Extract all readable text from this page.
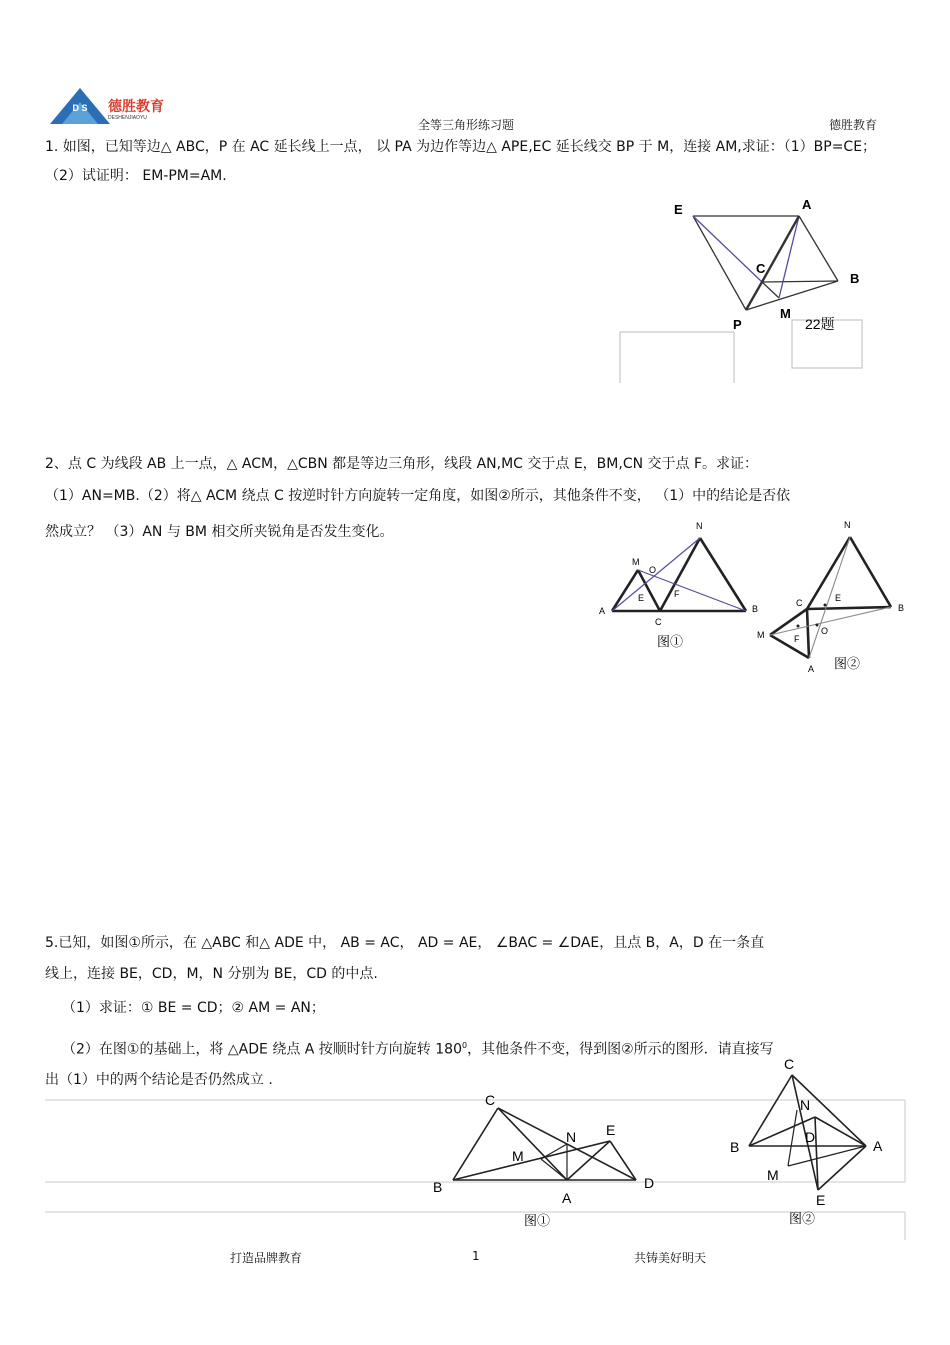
D S 德胜教育
DESHENJIAOYU	全等三角形练习题	德胜教育
1. 如图，已知等边△ ABC，P 在 AC 延长线上一点， 以 PA 为边作等边△ APE,EC 延长线交 BP 于 M，连接 AM,求证：（1）BP=CE；
（2）试证明： EM-PM=AM.
E	A
C
B
M
P	22题
2、点 C 为线段 AB 上一点，△ ACM，△CBN 都是等边三角形，线段 AN,MC 交于点 E，BM,CN 交于点 F。求证：
（1）AN=MB.（2）将△ ACM 绕点 C 按逆时针方向旋转一定角度，如图②所示，其他条件不变， （1）中的结论是否依
然成立？ （3）AN 与 BM 相交所夹锐角是否发生变化。	N
M
O
E	F
A
C
B
图①
N
C	E
B
M	F
O
A 图②
5.已知，如图①所示，在 △ABC 和△ ADE 中， AB = AC， AD = AE， ∠BAC = ∠DAE，且点 B，A，D 在一条直
线上，连接 BE，CD，M，N 分别为 BE，CD 的中点.
（1）求证：① BE = CD；② AM = AN；
（2）在图①的基础上，将 △ADE 绕点 A 按顺时针方向旋转 $180^0$，其他条件不变，得到图②所示的图形．请直接写
出（1）中的两个结论是否仍然成立 .
C
N E
M
B
A
D
图①
C
N
D
B	A
M
E
图②
打造品牌教育	1	共铸美好明天
